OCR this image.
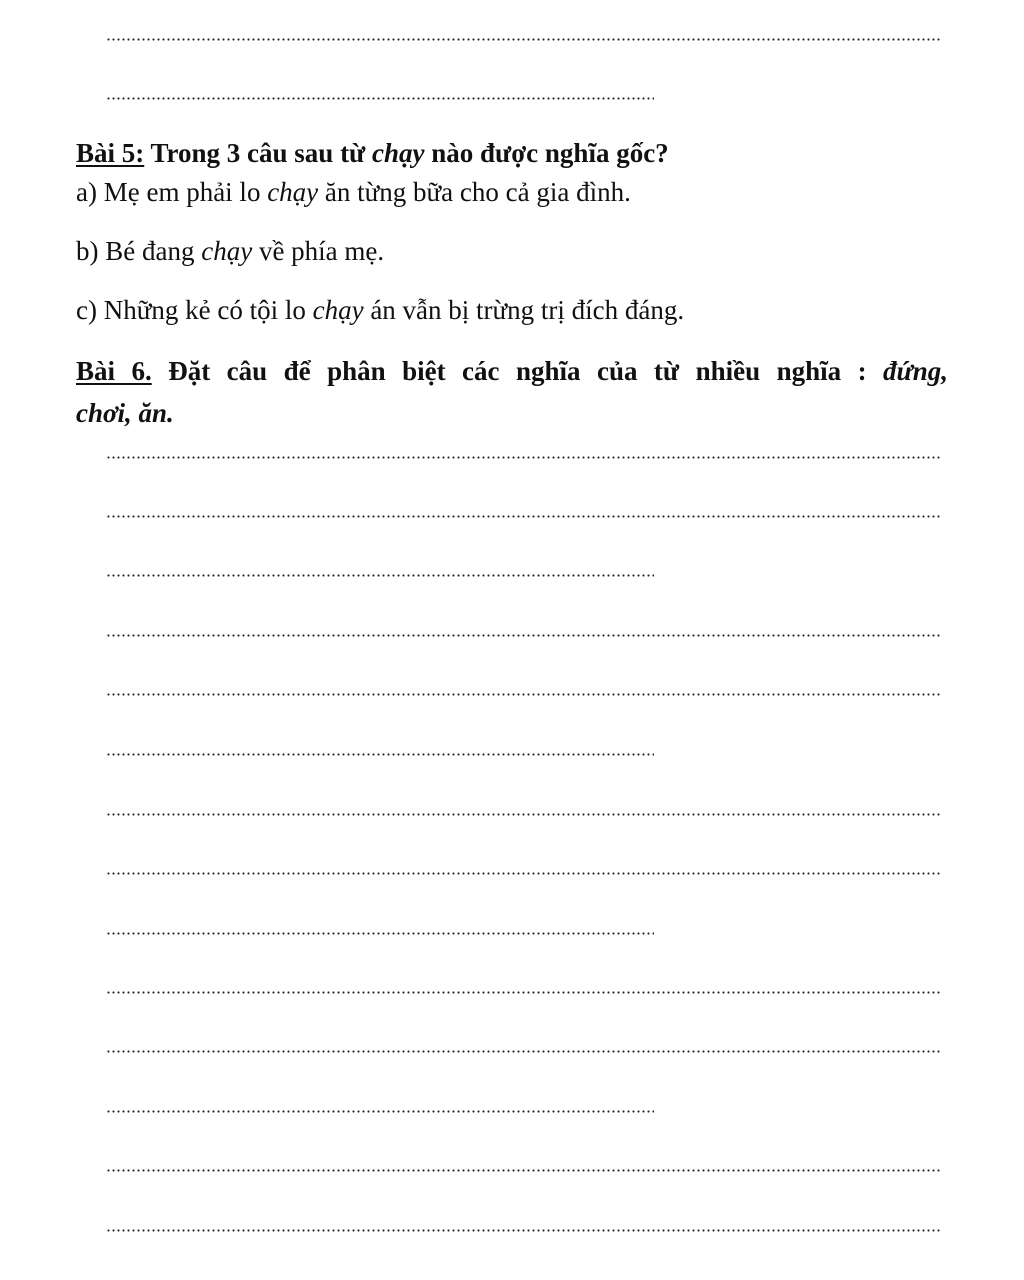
Bài 5: Trong 3 câu sau từ chạy nào được nghĩa gốc?
a) Mẹ em phải lo chạy ăn từng bữa cho cả gia đình.
b) Bé đang chạy về phía mẹ.
c) Những kẻ có tội lo chạy án vẫn bị trừng trị đích đáng.
Bài 6. Đặt câu để phân biệt các nghĩa của từ nhiều nghĩa : đứng,
chơi, ăn.
